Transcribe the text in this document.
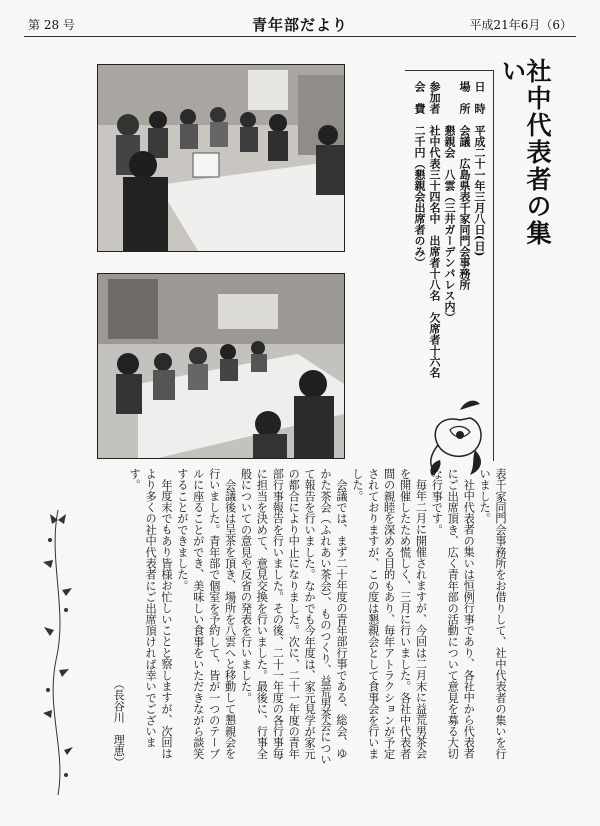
第 28 号	青年部だより	平成21年6月（6）
社中代表者の集い
日　時　平成二十一年三月八日(日)
場　所　会議　広島県表千家同門会事務所
懇親会　八雲（三井ガーデンパレス内）
参加者　社中代表三十四名中　出席者十八名　欠席者十六名
会　費　二千円（懇親会出席者のみ）

表千家同門会事務所をお借りして、社中代表者の集いを行いました。

社中代表者の集いは恒例行事であり、各社中から代表者にご出席頂き、広く青年部の活動について意見を募る大切な行事です。

毎年二月に開催されますが、今回は二月末に益荒男茶会を開催したため慌しく、三月に行いました。各社中代表者間の親睦を深める目的もあり、毎年アトラクションが予定されておりますが、この度は懇親会として食事会を行いました。

会議では、まず二十年度の青年部行事である、総会、ゆかた茶会（ふれあい茶会）、ものつくり、益荒男茶会について報告を行いました。なかでも今年度は、家元見学が家元の都合により中止になりました。次に、二十一年度の青年部行事報告を行いました。その後、二十一年度の各行事毎に担当を決めて、意見交換を行いました。最後に、行事全般についての意見や反省の発表を行いました。

会議後は呈茶を頂き、場所を八雲へと移動して懇親会を行いました。青年部で個室を予約して、皆が一つのテーブルに座ることができ、美味しい食事をいただきながら談笑することができました。

年度末でもあり皆様お忙しいことと察しますが、次回はより多くの社中代表者にご出席頂ければ幸いでございます。

（長谷川　理恵）
